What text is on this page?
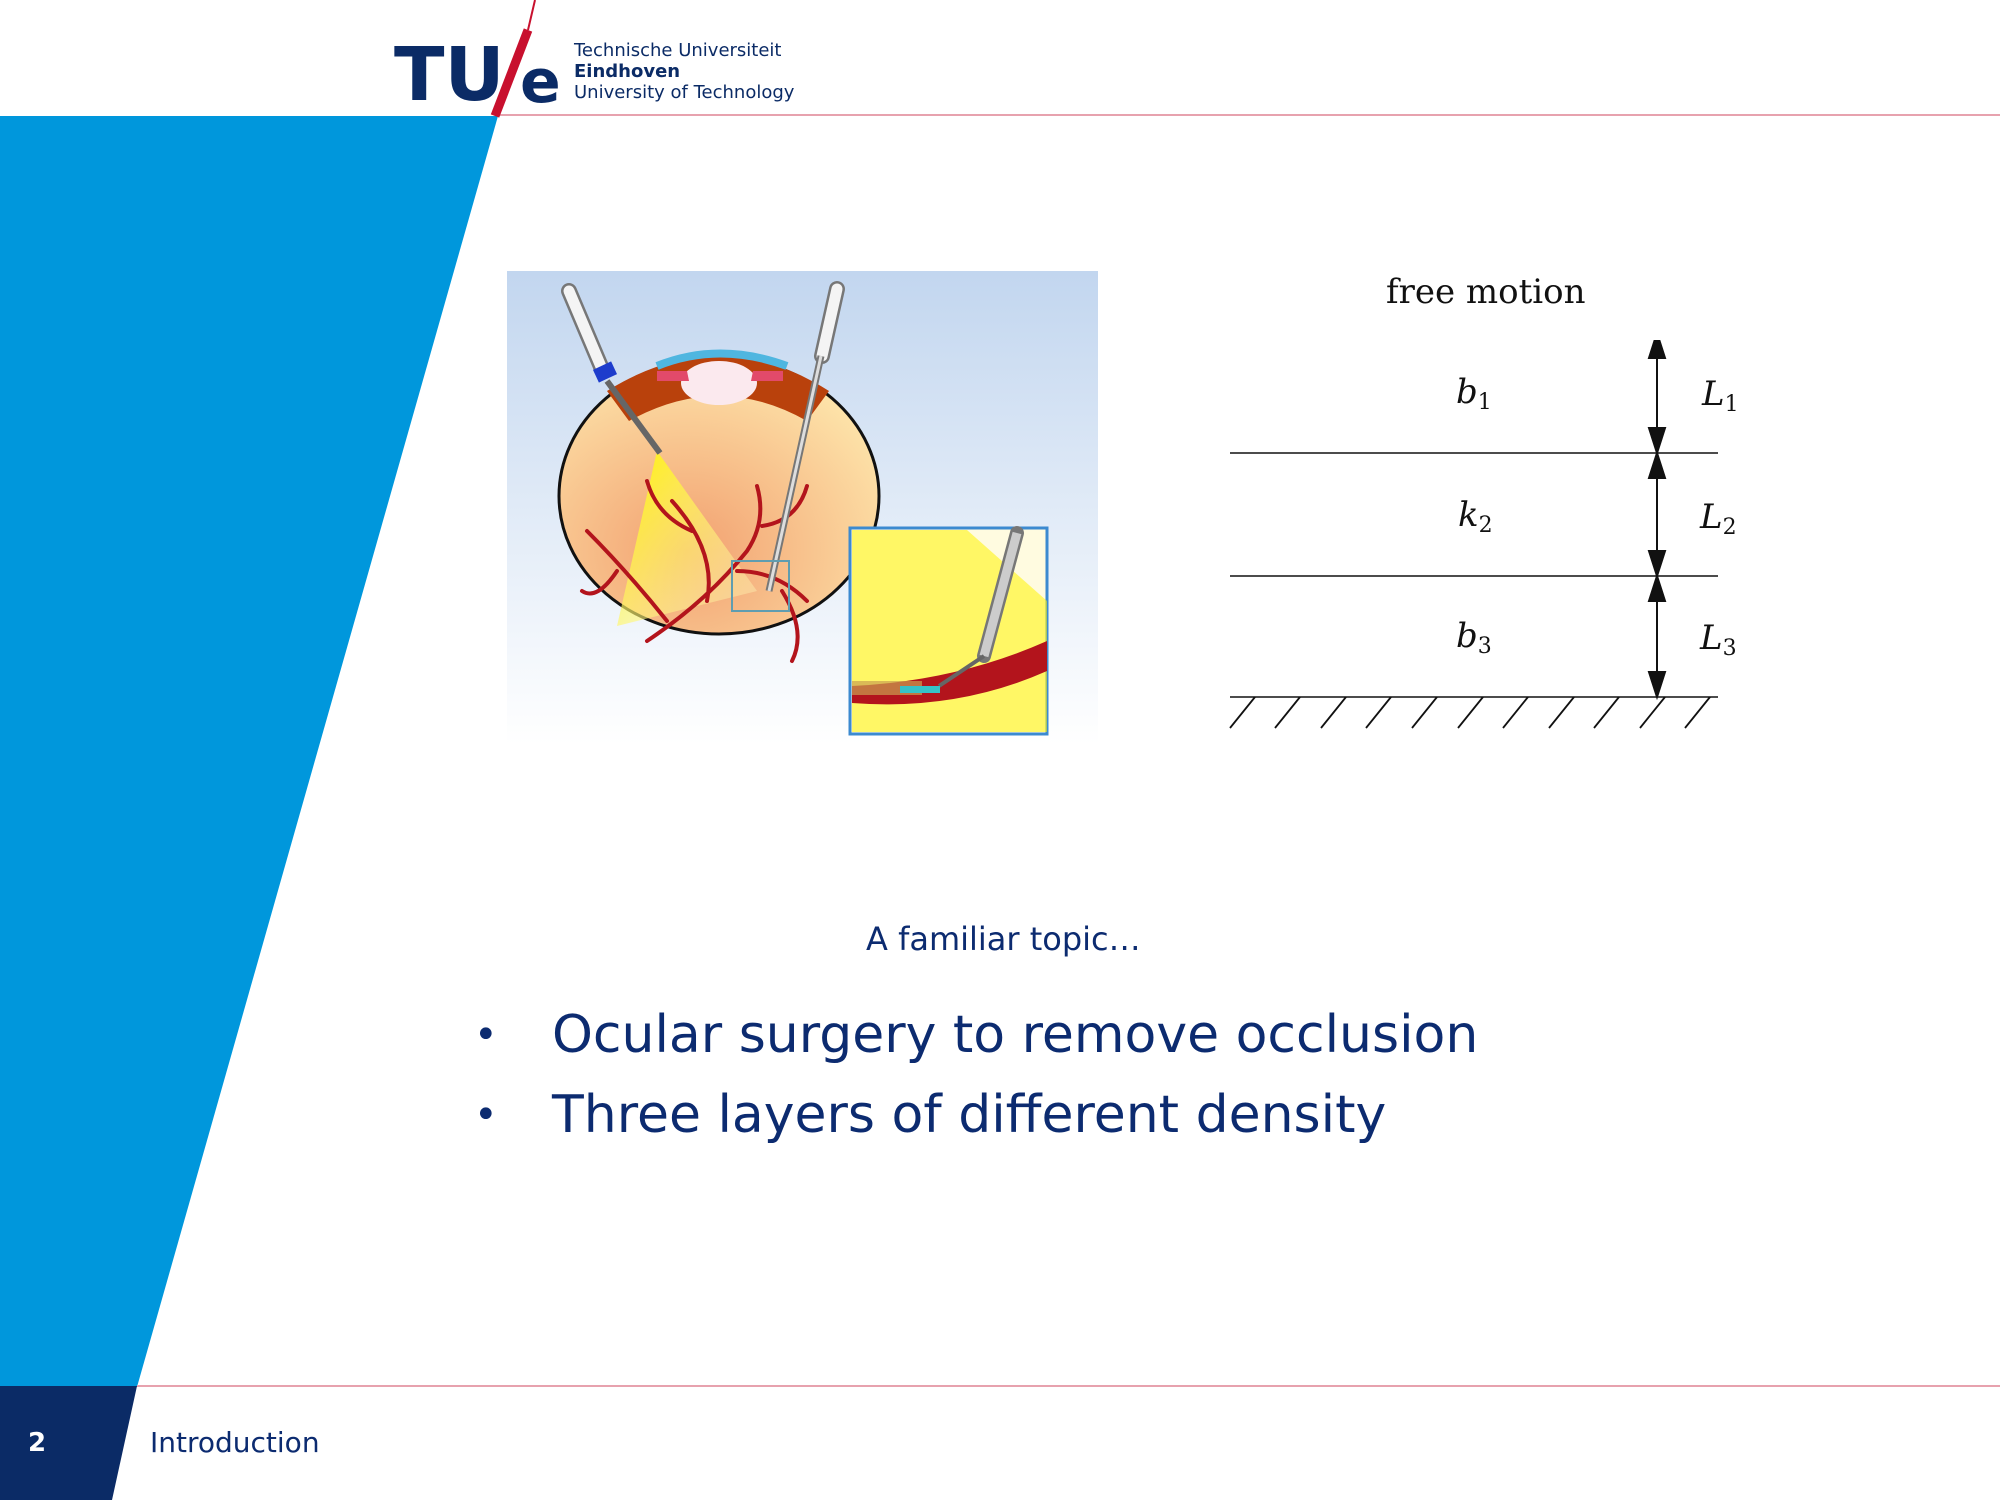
TU e Technische Universiteit
Eindhoven
University of Technology
free motion
$b_1$
$k_2$
$b_3$
$L_1$
$L_2$
$L_3$
A familiar topic…
• Ocular surgery to remove occlusion
• Three layers of different density
2	Introduction
